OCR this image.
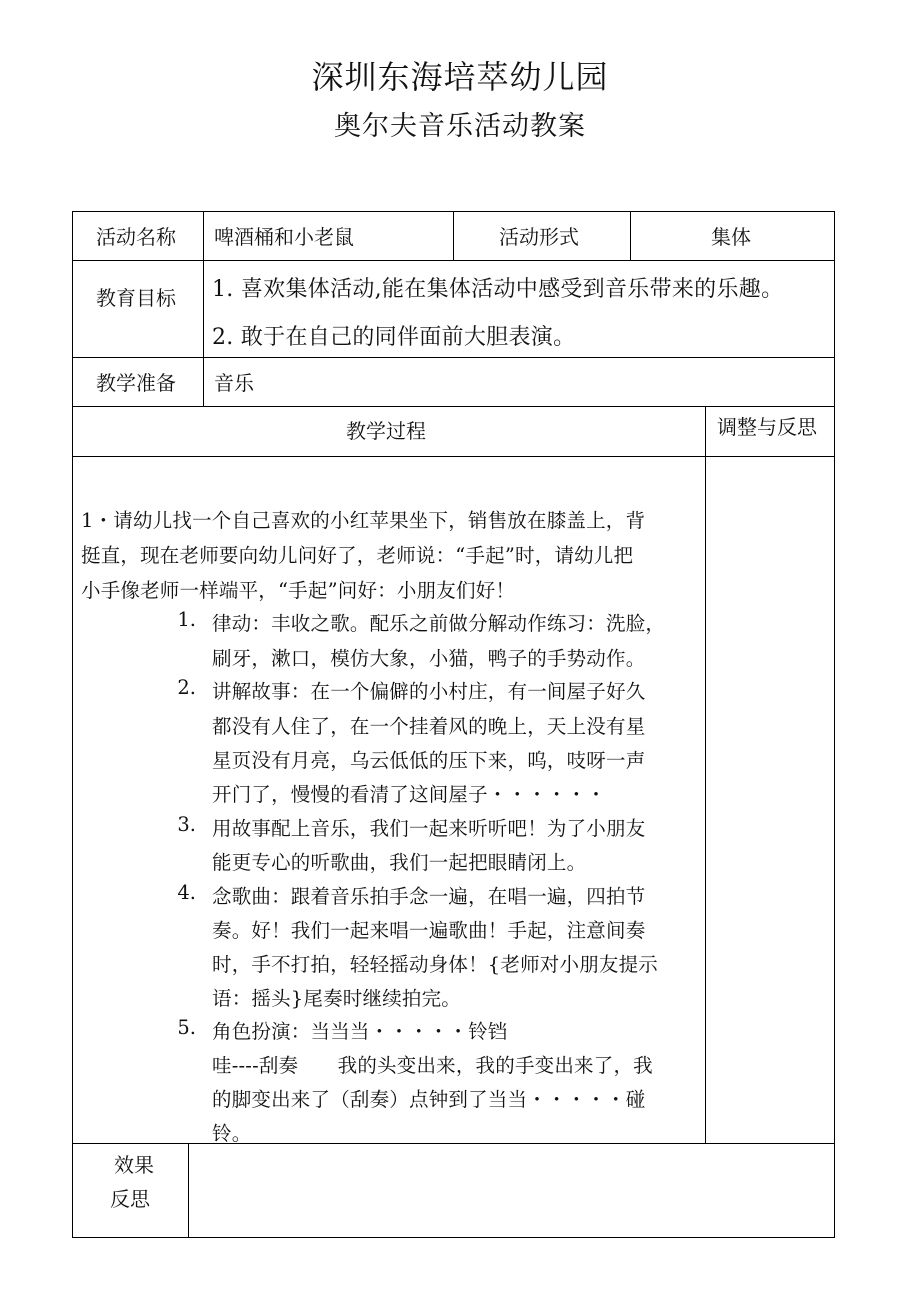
深圳东海培萃幼儿园
奥尔夫音乐活动教案
活动名称 啤酒桶和小老鼠	活动形式	集体
教育目标 1. 喜欢集体活动,能在集体活动中感受到音乐带来的乐趣。
2. 敢于在自己的同伴面前大胆表演。
教学准备 音乐
教学过程	调整与反思
1・请幼儿找一个自己喜欢的小红苹果坐下，销售放在膝盖上，背
挺直，现在老师要向幼儿问好了，老师说：“手起”时，请幼儿把
小手像老师一样端平，“手起”问好：小朋友们好！
1. 律动：丰收之歌。配乐之前做分解动作练习：洗脸，
刷牙，漱口，模仿大象，小猫，鸭子的手势动作。
2. 讲解故事：在一个偏僻的小村庄，有一间屋子好久
都没有人住了，在一个挂着风的晚上，天上没有星
星页没有月亮，乌云低低的压下来，呜，吱呀一声
开门了，慢慢的看清了这间屋子・・・・・・
3. 用故事配上音乐，我们一起来听听吧！为了小朋友
能更专心的听歌曲，我们一起把眼睛闭上。
4. 念歌曲：跟着音乐拍手念一遍，在唱一遍，四拍节
奏。好！我们一起来唱一遍歌曲！手起，注意间奏
时，手不打拍，轻轻摇动身体！{老师对小朋友提示
语：摇头}尾奏时继续拍完。
5. 角色扮演：当当当・・・・・铃铛
哇----刮奏　　我的头变出来，我的手变出来了，我
的脚变出来了（刮奏）点钟到了当当・・・・・碰
铃。
效果
反思
